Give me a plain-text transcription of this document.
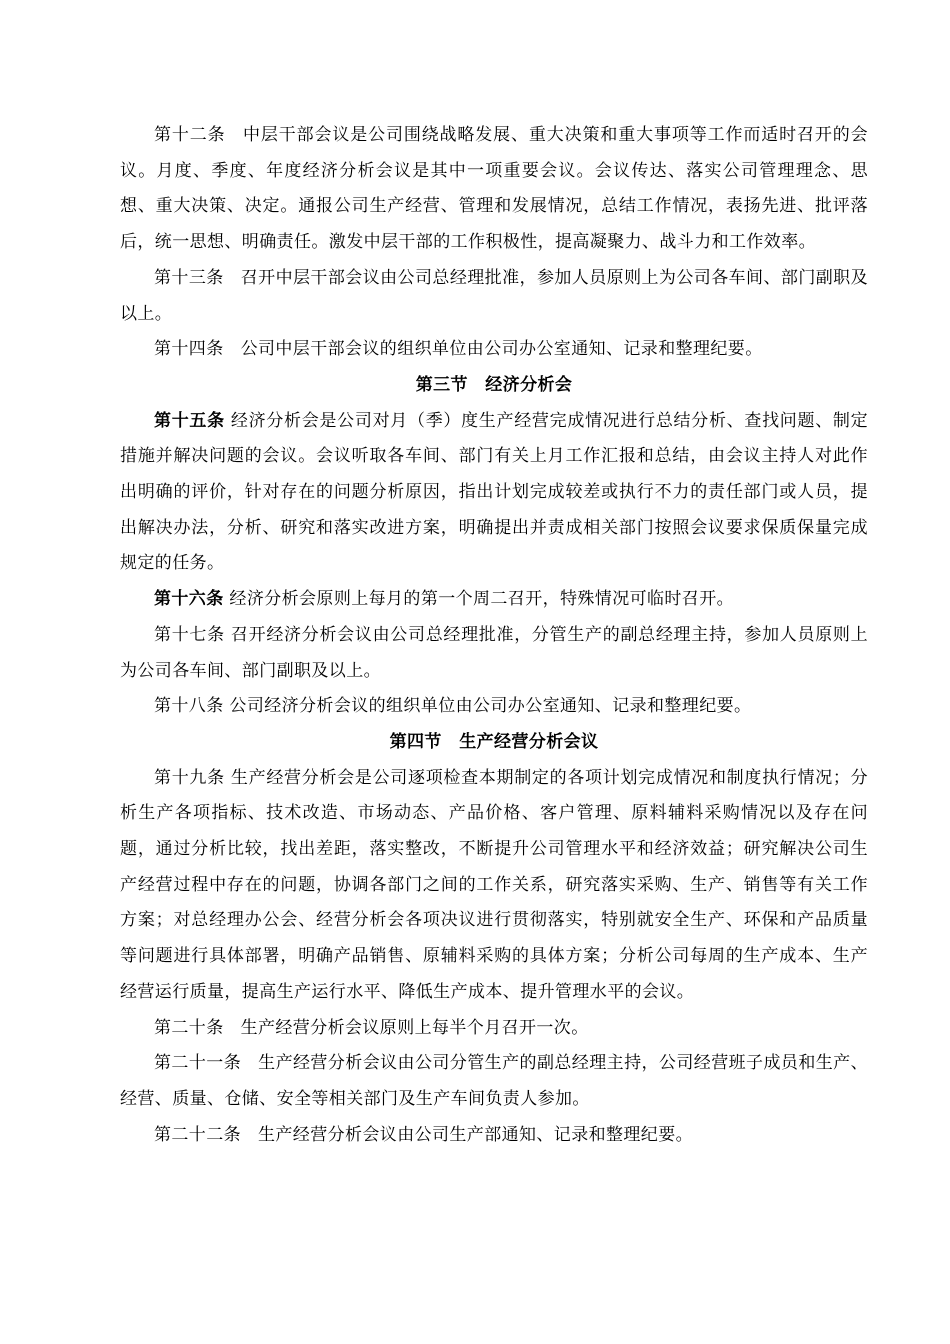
第十二条 中层干部会议是公司围绕战略发展、重大决策和重大事项等工作而适时召开的会议。月度、季度、年度经济分析会议是其中一项重要会议。会议传达、落实公司管理理念、思想、重大决策、决定。通报公司生产经营、管理和发展情况，总结工作情况，表扬先进、批评落后，统一思想、明确责任。激发中层干部的工作积极性，提高凝聚力、战斗力和工作效率。

第十三条 召开中层干部会议由公司总经理批准，参加人员原则上为公司各车间、部门副职及以上。

第十四条 公司中层干部会议的组织单位由公司办公室通知、记录和整理纪要。

第三节　经济分析会

第十五条 经济分析会是公司对月（季）度生产经营完成情况进行总结分析、查找问题、制定措施并解决问题的会议。会议听取各车间、部门有关上月工作汇报和总结，由会议主持人对此作出明确的评价，针对存在的问题分析原因，指出计划完成较差或执行不力的责任部门或人员，提出解决办法，分析、研究和落实改进方案，明确提出并责成相关部门按照会议要求保质保量完成规定的任务。

第十六条 经济分析会原则上每月的第一个周二召开，特殊情况可临时召开。

第十七条 召开经济分析会议由公司总经理批准，分管生产的副总经理主持，参加人员原则上为公司各车间、部门副职及以上。

第十八条 公司经济分析会议的组织单位由公司办公室通知、记录和整理纪要。

第四节　生产经营分析会议

第十九条 生产经营分析会是公司逐项检查本期制定的各项计划完成情况和制度执行情况；分析生产各项指标、技术改造、市场动态、产品价格、客户管理、原料辅料采购情况以及存在问题，通过分析比较，找出差距，落实整改，不断提升公司管理水平和经济效益；研究解决公司生产经营过程中存在的问题，协调各部门之间的工作关系，研究落实采购、生产、销售等有关工作方案；对总经理办公会、经营分析会各项决议进行贯彻落实，特别就安全生产、环保和产品质量等问题进行具体部署，明确产品销售、原辅料采购的具体方案；分析公司每周的生产成本、生产经营运行质量，提高生产运行水平、降低生产成本、提升管理水平的会议。

第二十条 生产经营分析会议原则上每半个月召开一次。

第二十一条 生产经营分析会议由公司分管生产的副总经理主持，公司经营班子成员和生产、经营、质量、仓储、安全等相关部门及生产车间负责人参加。

第二十二条 生产经营分析会议由公司生产部通知、记录和整理纪要。
